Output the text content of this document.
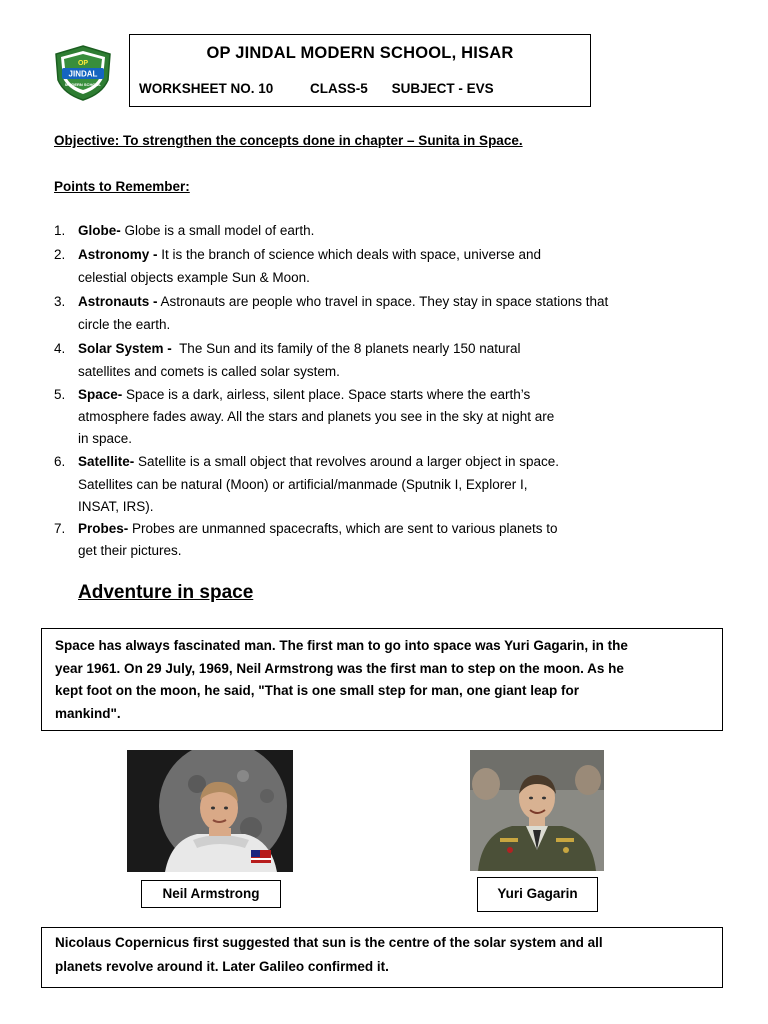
OP
JINDAL
MODERN SCHOOL
OP JINDAL MODERN SCHOOL, HISAR
WORKSHEET NO. 10	CLASS-5 SUBJECT - EVS
Objective: To strengthen the concepts done in chapter – Sunita in Space.
Points to Remember:
1. Globe- Globe is a small model of earth.
2. Astronomy - It is the branch of science which deals with space, universe and
celestial objects example Sun & Moon.
3. Astronauts - Astronauts are people who travel in space. They stay in space stations that
circle the earth.
4. Solar System - The Sun and its family of the 8 planets nearly 150 natural
satellites and comets is called solar system.
5. Space- Space is a dark, airless, silent place. Space starts where the earth’s
atmosphere fades away. All the stars and planets you see in the sky at night are
in space.
6. Satellite- Satellite is a small object that revolves around a larger object in space.
Satellites can be natural (Moon) or artificial/manmade (Sputnik I, Explorer I,
INSAT, IRS).
7. Probes- Probes are unmanned spacecrafts, which are sent to various planets to
get their pictures.
Adventure in space
Space has always fascinated man. The first man to go into space was Yuri Gagarin, in the
year 1961. On 29 July, 1969, Neil Armstrong was the first man to step on the moon. As he
kept foot on the moon, he said, "That is one small step for man, one giant leap for
mankind".
Neil Armstrong	Yuri Gagarin
Nicolaus Copernicus first suggested that sun is the centre of the solar system and all
planets revolve around it. Later Galileo confirmed it.
